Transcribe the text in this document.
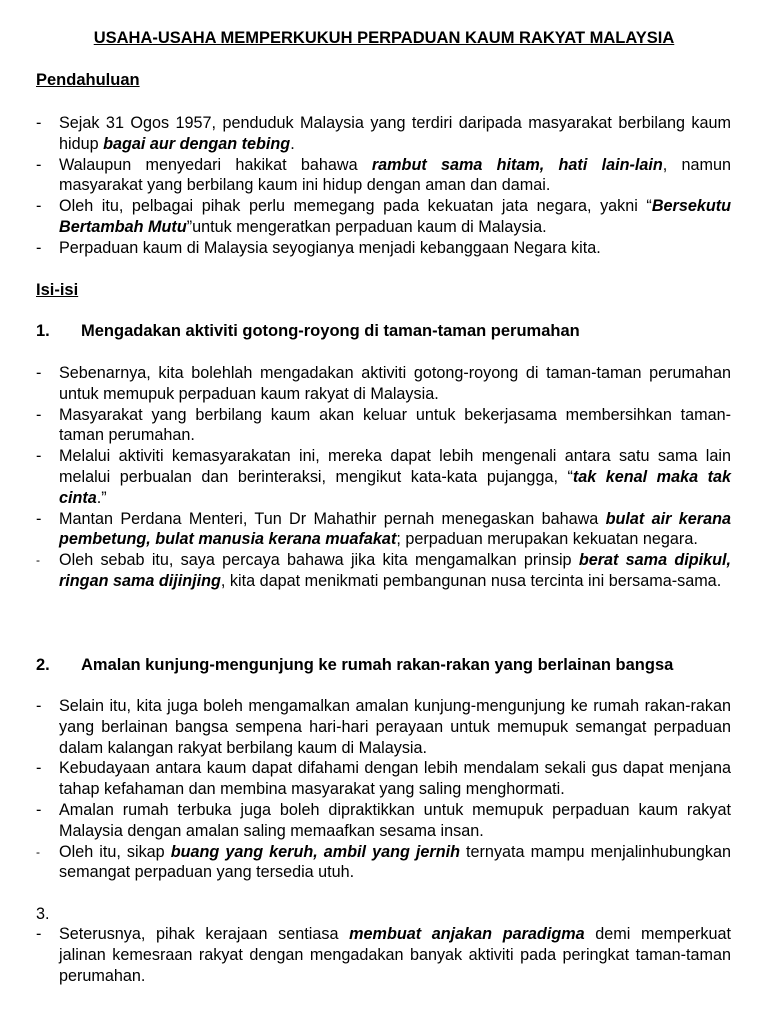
USAHA-USAHA MEMPERKUKUH PERPADUAN KAUM RAKYAT MALAYSIA
Pendahuluan
- Sejak 31 Ogos 1957, penduduk Malaysia yang terdiri daripada masyarakat berbilang kaum hidup bagai aur dengan tebing.
- Walaupun menyedari hakikat bahawa rambut sama hitam, hati lain-lain, namun masyarakat yang berbilang kaum ini hidup dengan aman dan damai.
- Oleh itu, pelbagai pihak perlu memegang pada kekuatan jata negara, yakni “Bersekutu Bertambah Mutu”untuk mengeratkan perpaduan kaum di Malaysia.
- Perpaduan kaum di Malaysia seyogianya menjadi kebanggaan Negara kita.
Isi-isi
1. Mengadakan aktiviti gotong-royong di taman-taman perumahan
- Sebenarnya, kita bolehlah mengadakan aktiviti gotong-royong di taman-taman perumahan untuk memupuk perpaduan kaum rakyat di Malaysia.
- Masyarakat yang berbilang kaum akan keluar untuk bekerjasama membersihkan taman-taman perumahan.
- Melalui aktiviti kemasyarakatan ini, mereka dapat lebih mengenali antara satu sama lain melalui perbualan dan berinteraksi, mengikut kata-kata pujangga, “tak kenal maka tak cinta.”
- Mantan Perdana Menteri, Tun Dr Mahathir pernah menegaskan bahawa bulat air kerana pembetung, bulat manusia kerana muafakat; perpaduan merupakan kekuatan negara.
- Oleh sebab itu, saya percaya bahawa jika kita mengamalkan prinsip berat sama dipikul, ringan sama dijinjing, kita dapat menikmati pembangunan nusa tercinta ini bersama-sama.
2. Amalan kunjung-mengunjung ke rumah rakan-rakan yang berlainan bangsa
- Selain itu, kita juga boleh mengamalkan amalan kunjung-mengunjung ke rumah rakan-rakan yang berlainan bangsa sempena hari-hari perayaan untuk memupuk semangat perpaduan dalam kalangan rakyat berbilang kaum di Malaysia.
- Kebudayaan antara kaum dapat difahami dengan lebih mendalam sekali gus dapat menjana tahap kefahaman dan membina masyarakat yang saling menghormati.
- Amalan rumah terbuka juga boleh dipraktikkan untuk memupuk perpaduan kaum rakyat Malaysia dengan amalan saling memaafkan sesama insan.
- Oleh itu, sikap buang yang keruh, ambil yang jernih ternyata mampu menjalinhubungkan semangat perpaduan yang tersedia utuh.
3.
- Seterusnya, pihak kerajaan sentiasa membuat anjakan paradigma demi memperkuat jalinan kemesraan rakyat dengan mengadakan banyak aktiviti pada peringkat taman-taman perumahan.
